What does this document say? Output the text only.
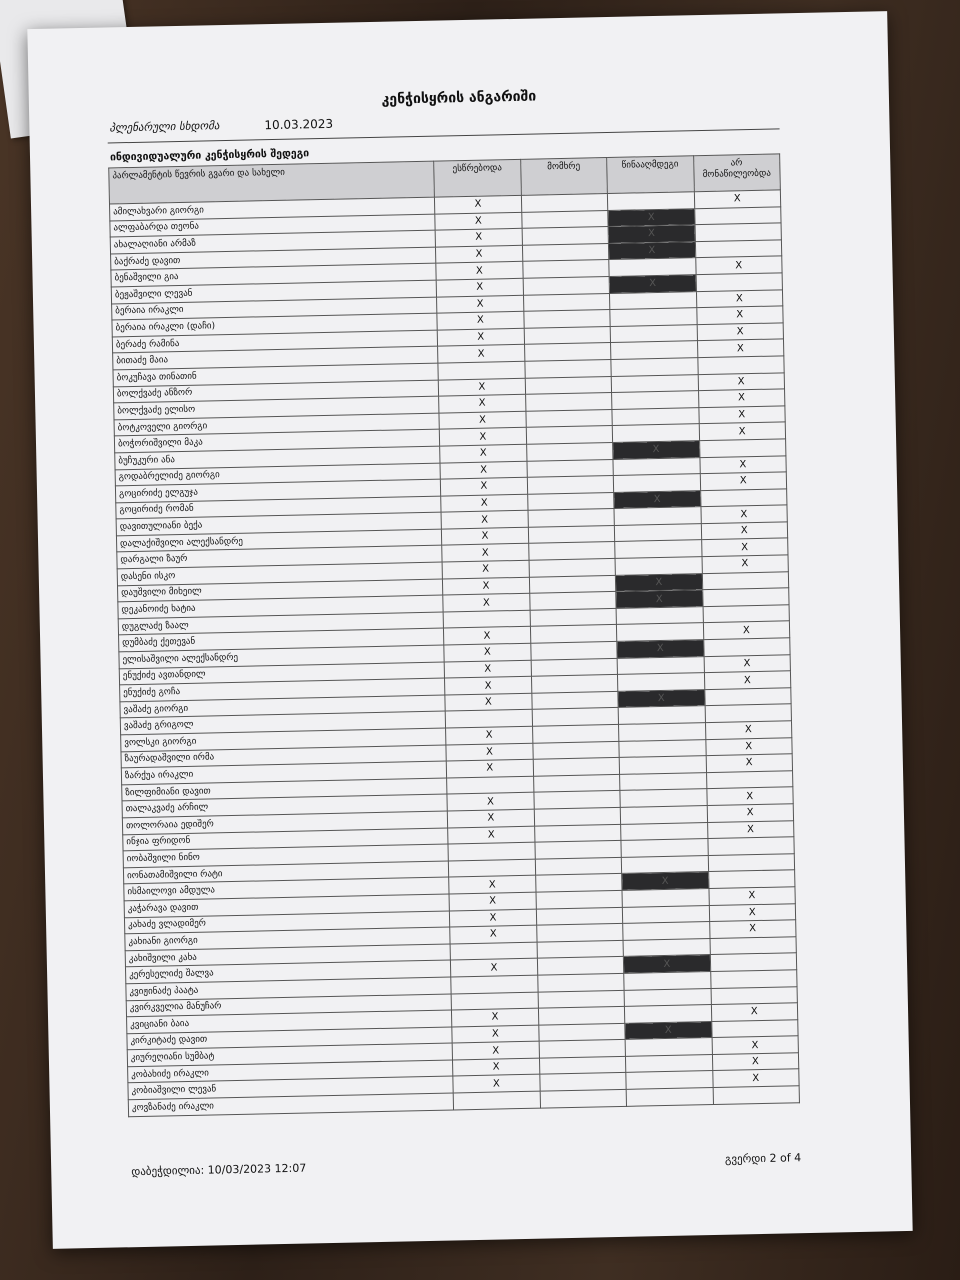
კენჭისყრის ანგარიში
პლენარული სხდომა	10.03.2023
ინდივიდუალური კენჭისყრის შედეგი
პარლამენტის წევრის გვარი და სახელი	ესწრებოდა	მომხრე	წინააღმდეგი	არ მონაწილეობდა
ამილახვარი გიორგი	X			X
ალფაბარდა თეონა	X		X	
ახალაღიანი არმაზ	X		X	
ბაქრაძე დავით	X		X	
ბენაშვილი გია	X			X
ბეჟაშვილი ლევან	X		X	
ბერაია ირაკლი	X			X
ბერაია ირაკლი (დაჩი)	X			X
ბერაძე რამინა	X			X
ბითაძე მაია	X			X
ბოკუჩავა თინათინ				
ბოლქვაძე ანზორ	X			X
ბოლქვაძე ელისო	X			X
ბოტკოველი გიორგი	X			X
ბოჭორიშვილი მაკა	X			X
ბუჩუკური ანა	X		X	
გოდაბრელიძე გიორგი	X			X
გოცირიძე ელგუჯა	X			X
გოცირიძე რომან	X		X	
დავითულიანი ბექა	X			X
დალაქიშვილი ალექსანდრე	X			X
დარგალი ზაურ	X			X
დასენი ისკო	X			X
დაუშვილი მიხეილ	X		X	
დეკანოიძე ხატია	X		X	
დუგლაძე ზაალ				
დუმბაძე ქეთევან	X			X
ელისაშვილი ალექსანდრე	X		X	
ენუქიძე ავთანდილ	X			X
ენუქიძე გოჩა	X			X
ვაშაძე გიორგი	X		X	
ვაშაძე გრიგოლ				
ვოლსკი გიორგი	X			X
ზაურადაშვილი ირმა	X			X
ზარქუა ირაკლი	X			X
ზილფიმიანი დავით				
თალაკვაძე არჩილ	X			X
თოლორაია ედიშერ	X			X
ინჯია ფრიდონ	X			X
იობაშვილი ნინო				
იონათამიშვილი რატი				
ისმაილოვი ამდულა	X		X	
კაჭარავა დავით	X			X
კახაძე ვლადიმერ	X			X
კახიანი გიორგი	X			X
კახიშვილი კახა				
კერესელიძე შალვა	X		X	
კვიჟინაძე პაატა				
კვირკველია მანუჩარ				
კვიციანი ბაია	X			X
კირკიტაძე დავით	X		X	
კიურეღიანი სუმბატ	X			X
კობახიძე ირაკლი	X			X
კობიაშვილი ლევან	X			X
კოვზანაძე ირაკლი				
დაბეჭდილია: 10/03/2023 12:07
გვერდი 2 of 4
